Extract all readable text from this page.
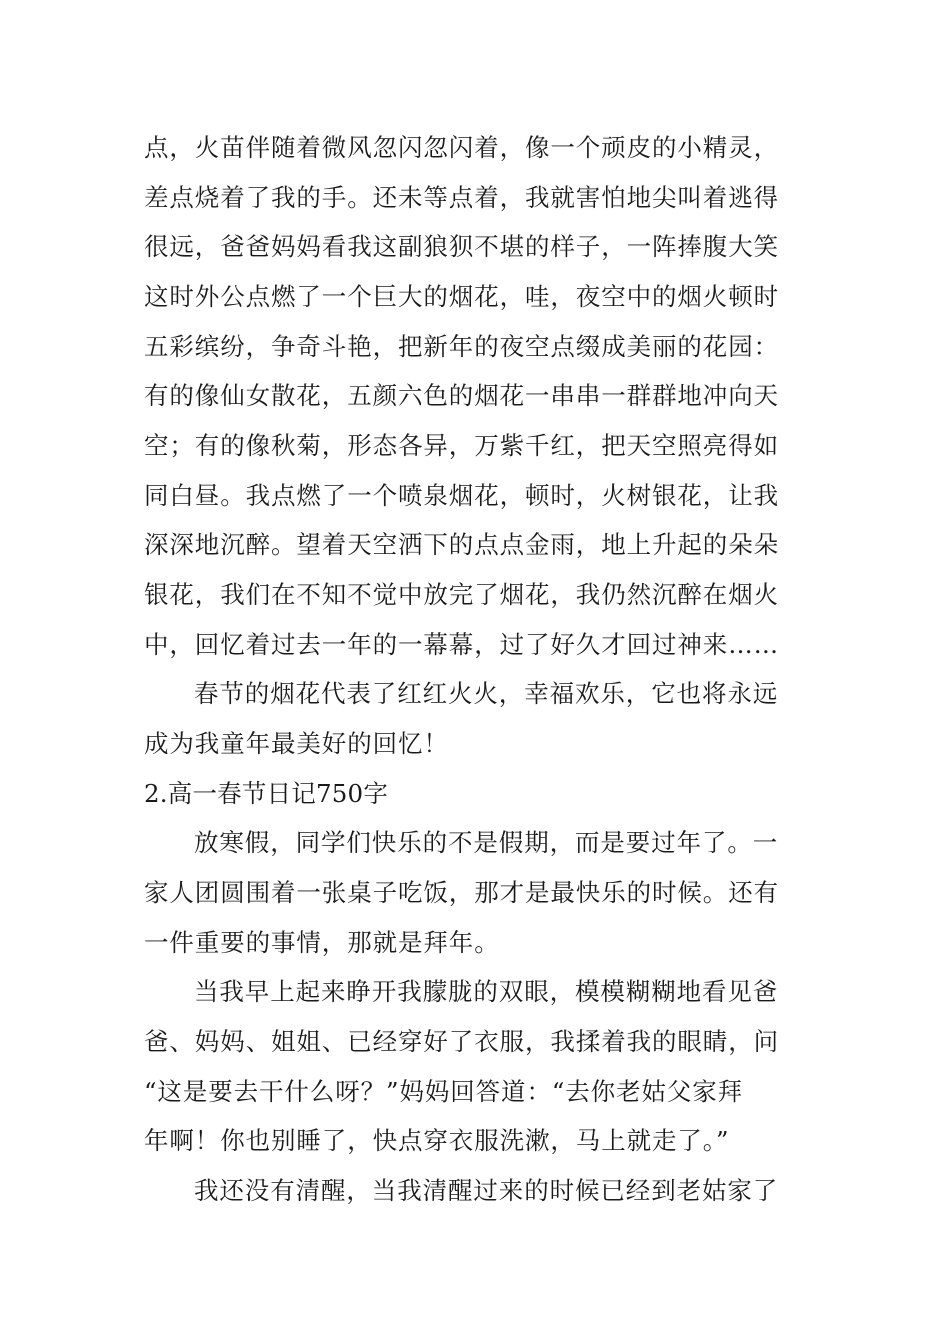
点，火苗伴随着微风忽闪忽闪着，像一个顽皮的小精灵，

差点烧着了我的手。还未等点着，我就害怕地尖叫着逃得

很远，爸爸妈妈看我这副狼狈不堪的样子，一阵捧腹大笑

这时外公点燃了一个巨大的烟花，哇，夜空中的烟火顿时

五彩缤纷，争奇斗艳，把新年的夜空点缀成美丽的花园：

有的像仙女散花，五颜六色的烟花一串串一群群地冲向天

空；有的像秋菊，形态各异，万紫千红，把天空照亮得如

同白昼。我点燃了一个喷泉烟花，顿时，火树银花，让我

深深地沉醉。望着天空洒下的点点金雨，地上升起的朵朵

银花，我们在不知不觉中放完了烟花，我仍然沉醉在烟火

中，回忆着过去一年的一幕幕，过了好久才回过神来……

春节的烟花代表了红红火火，幸福欢乐，它也将永远

成为我童年最美好的回忆！

2.高一春节日记750字

放寒假，同学们快乐的不是假期，而是要过年了。一

家人团圆围着一张桌子吃饭，那才是最快乐的时候。还有

一件重要的事情，那就是拜年。

当我早上起来睁开我朦胧的双眼，模模糊糊地看见爸

爸、妈妈、姐姐、已经穿好了衣服，我揉着我的眼睛，问

“这是要去干什么呀？”妈妈回答道：“去你老姑父家拜

年啊！你也别睡了，快点穿衣服洗漱，马上就走了。”

我还没有清醒，当我清醒过来的时候已经到老姑家了
